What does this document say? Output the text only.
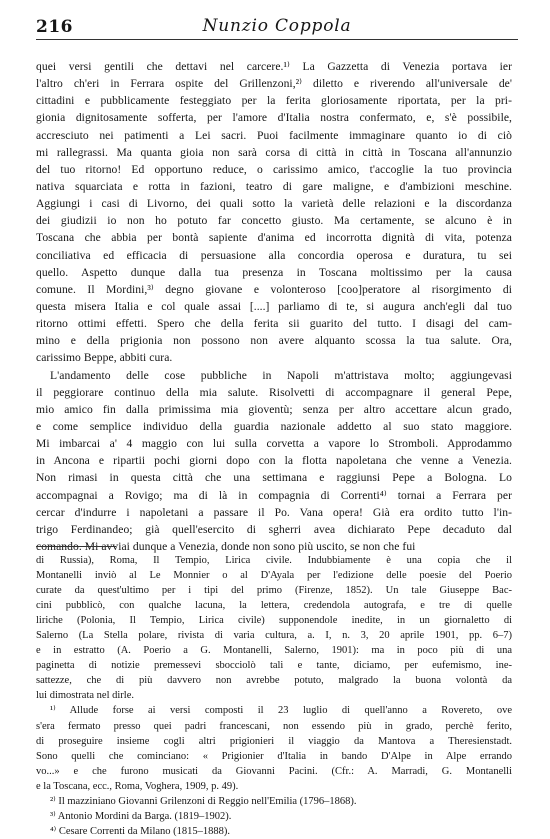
216	Nunzio Coppola
quei versi gentili che dettavi nel carcere.¹⁾ La Gazzetta di Venezia portava ier
l'altro ch'eri in Ferrara ospite del Grillenzoni,²⁾ diletto e riverendo all'universale de'
cittadini e pubblicamente festeggiato per la ferita gloriosamente riportata, per la pri-
gionia dignitosamente sofferta, per l'amore d'Italia nostra confermato, e, s'è possibile,
accresciuto nei patimenti a Lei sacri. Puoi facilmente immaginare quanto io di ciò
mi rallegrassi. Ma quanta gioia non sarà corsa di città in città in Toscana all'annunzio
del tuo ritorno! Ed opportuno reduce, o carissimo amico, t'accoglie la tuo provincia
nativa squarciata e rotta in fazioni, teatro di gare maligne, e d'ambizioni meschine.
Aggiungi i casi di Livorno, dei quali sotto la varietà delle relazioni e la discordanza
dei giudizii io non ho potuto far concetto giusto. Ma certamente, se alcuno è in
Toscana che abbia per bontà sapiente d'anima ed incorrotta dignità di vita, potenza
conciliativa ed efficacia di persuasione alla concordia operosa e duratura, tu sei
quello. Aspetto dunque dalla tua presenza in Toscana moltissimo per la causa
comune. Il Mordini,³⁾ degno giovane e volonteroso [coo]peratore al risorgimento di
questa misera Italia e col quale assai [....] parliamo di te, si augura anch'egli dal tuo
ritorno ottimi effetti. Spero che della ferita sii guarito del tutto. I disagi del cam-
mino e della prigionia non possono non avere alquanto scossa la tua salute. Ora,
carissimo Beppe, abbiti cura.
L'andamento delle cose pubbliche in Napoli m'attristava molto; aggiungevasi
il peggiorare continuo della mia salute. Risolvetti di accompagnare il general Pepe,
mio amico fin dalla primissima mia gioventù; senza per altro accettare alcun grado,
e come semplice individuo della guardia nazionale addetto al suo stato maggiore.
Mi imbarcai a' 4 maggio con lui sulla corvetta a vapore lo Stromboli. Approdammo
in Ancona e ripartii pochi giorni dopo con la flotta napoletana che venne a Venezia.
Non rimasi in questa città che una settimana e raggiunsi Pepe a Bologna. Lo
accompagnai a Rovigo; ma di là in compagnia di Correnti⁴⁾ tornai a Ferrara per
cercar d'indurre i napoletani a passare il Po. Vana opera! Già era ordito tutto l'in-
trigo Ferdinandeo; già quell'esercito di sgherri avea dichiarato Pepe decaduto dal
comando. Mi avviai dunque a Venezia, donde non sono più uscito, se non che fui
di Russia), Roma, Il Tempio, Lirica civile. Indubbiamente è una copia che il
Montanelli inviò al Le Monnier o al D'Ayala per l'edizione delle poesie del Poerio
curate da quest'ultimo per i tipi del primo (Firenze, 1852). Un tale Giuseppe Bac-
cini pubblicò, con qualche lacuna, la lettera, credendola autografa, e tre di quelle
liriche (Polonia, Il Tempio, Lirica civile) supponendole inedite, in un giornaletto di
Salerno (La Stella polare, rivista di varia cultura, a. I, n. 3, 20 aprile 1901, pp. 6–7)
e in estratto (A. Poerio a G. Montanelli, Salerno, 1901): ma in poco più di una
paginetta di notizie premessevi sbocciolò tali e tante, diciamo, per eufemismo, ine-
sattezze, che di più davvero non avrebbe potuto, malgrado la buona volontà da
lui dimostrata nel dirle.
¹⁾ Allude forse ai versi composti il 23 luglio di quell'anno a Rovereto, ove
s'era fermato presso quei padri francescani, non essendo più in grado, perchè ferito,
di proseguire insieme cogli altri prigionieri il viaggio da Mantova a Theresienstadt.
Sono quelli che cominciano: « Prigionier d'Italia in bando D'Alpe in Alpe errando
vo...» e che furono musicati da Giovanni Pacini. (Cfr.: A. Marradi, G. Montanelli
e la Toscana, ecc., Roma, Voghera, 1909, p. 49).
²⁾ Il mazziniano Giovanni Grilenzoni di Reggio nell'Emilia (1796–1868).
³⁾ Antonio Mordini da Barga. (1819–1902).
⁴⁾ Cesare Correnti da Milano (1815–1888).
